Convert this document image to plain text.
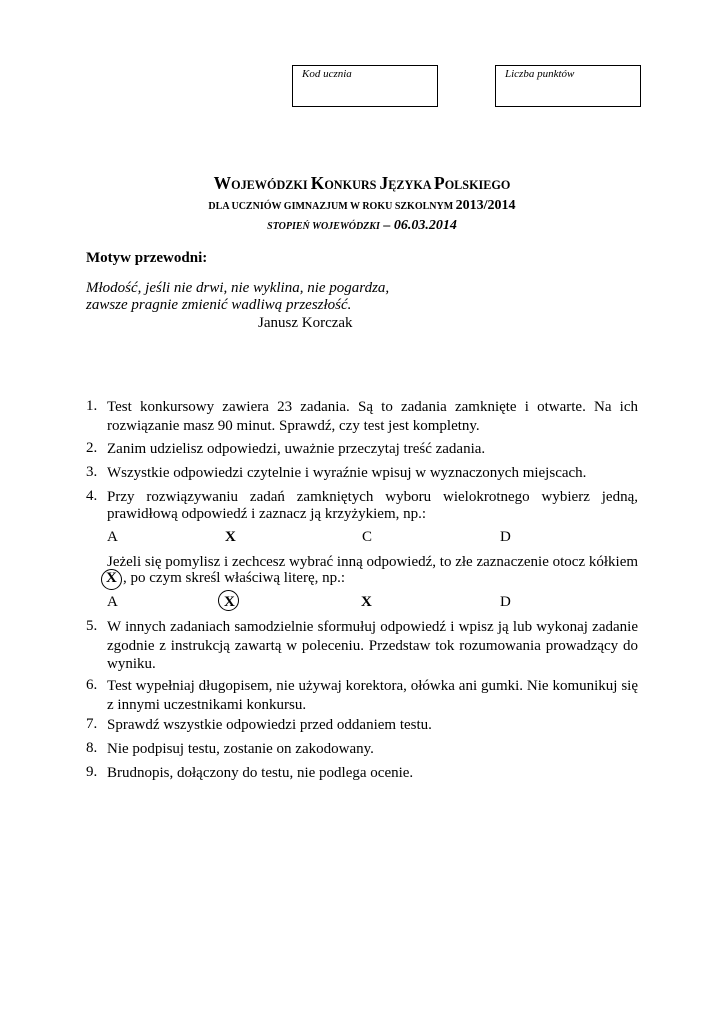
Kod ucznia	Liczba punktów
WOJEWÓDZKI KONKURS JĘZYKA POLSKIEGO
DLA UCZNIÓW GIMNAZJUM W ROKU SZKOLNYM 2013/2014
STOPIEŃ WOJEWÓDZKI – 06.03.2014
Motyw przewodni:
Młodość, jeśli nie drwi, nie wyklina, nie pogardza,
zawsze pragnie zmienić wadliwą przeszłość.
Janusz Korczak
1. Test konkursowy zawiera 23 zadania. Są to zadania zamknięte i otwarte. Na ich rozwiązanie masz 90 minut. Sprawdź, czy test jest kompletny.
2. Zanim udzielisz odpowiedzi, uważnie przeczytaj treść zadania.
3. Wszystkie odpowiedzi czytelnie i wyraźnie wpisuj w wyznaczonych miejscach.
4. Przy rozwiązywaniu zadań zamkniętych wyboru wielokrotnego wybierz jedną,
prawidłową odpowiedź i zaznacz ją krzyżykiem, np.:
A	X	C	D
Jeżeli się pomylisz i zechcesz wybrać inną odpowiedź, to złe zaznaczenie otocz kółkiem
X , po czym skreśl właściwą literę, np.:
A	X	X	D
5. W innych zadaniach samodzielnie sformułuj odpowiedź i wpisz ją lub wykonaj zadanie zgodnie z instrukcją zawartą w poleceniu. Przedstaw tok rozumowania prowadzący do wyniku.
6. Test wypełniaj długopisem, nie używaj korektora, ołówka ani gumki. Nie komunikuj się z innymi uczestnikami konkursu.
7. Sprawdź wszystkie odpowiedzi przed oddaniem testu.
8. Nie podpisuj testu, zostanie on zakodowany.
9. Brudnopis, dołączony do testu, nie podlega ocenie.
